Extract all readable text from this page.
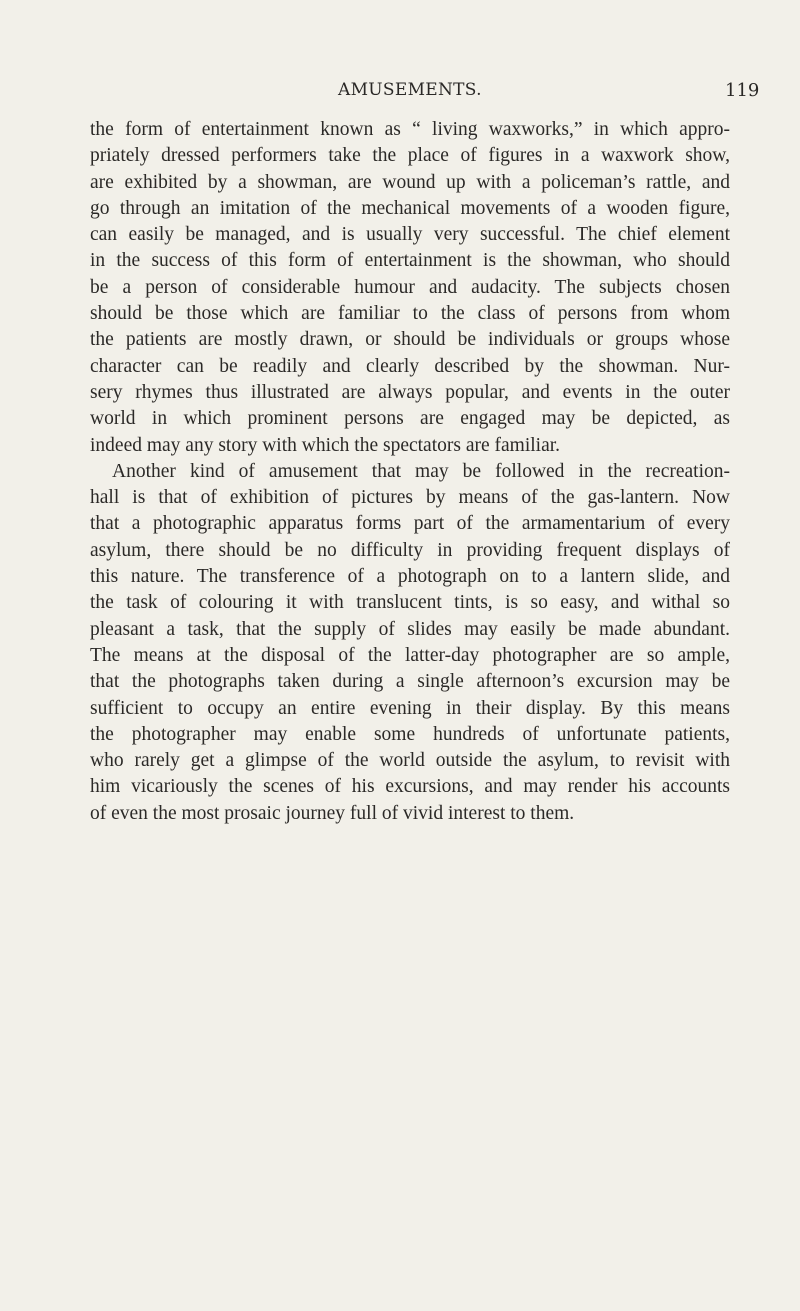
AMUSEMENTS.	119
the form of entertainment known as “ living waxworks,” in which appro-
priately dressed performers take the place of figures in a waxwork show,
are exhibited by a showman, are wound up with a policeman’s rattle, and
go through an imitation of the mechanical movements of a wooden figure,
can easily be managed, and is usually very successful. The chief element
in the success of this form of entertainment is the showman, who should
be a person of considerable humour and audacity. The subjects chosen
should be those which are familiar to the class of persons from whom
the patients are mostly drawn, or should be individuals or groups whose
character can be readily and clearly described by the showman. Nur-
sery rhymes thus illustrated are always popular, and events in the outer
world in which prominent persons are engaged may be depicted, as
indeed may any story with which the spectators are familiar.
Another kind of amusement that may be followed in the recreation-
hall is that of exhibition of pictures by means of the gas-lantern. Now
that a photographic apparatus forms part of the armamentarium of every
asylum, there should be no difficulty in providing frequent displays of
this nature. The transference of a photograph on to a lantern slide, and
the task of colouring it with translucent tints, is so easy, and withal so
pleasant a task, that the supply of slides may easily be made abundant.
The means at the disposal of the latter-day photographer are so ample,
that the photographs taken during a single afternoon’s excursion may be
sufficient to occupy an entire evening in their display. By this means
the photographer may enable some hundreds of unfortunate patients,
who rarely get a glimpse of the world outside the asylum, to revisit with
him vicariously the scenes of his excursions, and may render his accounts
of even the most prosaic journey full of vivid interest to them.
